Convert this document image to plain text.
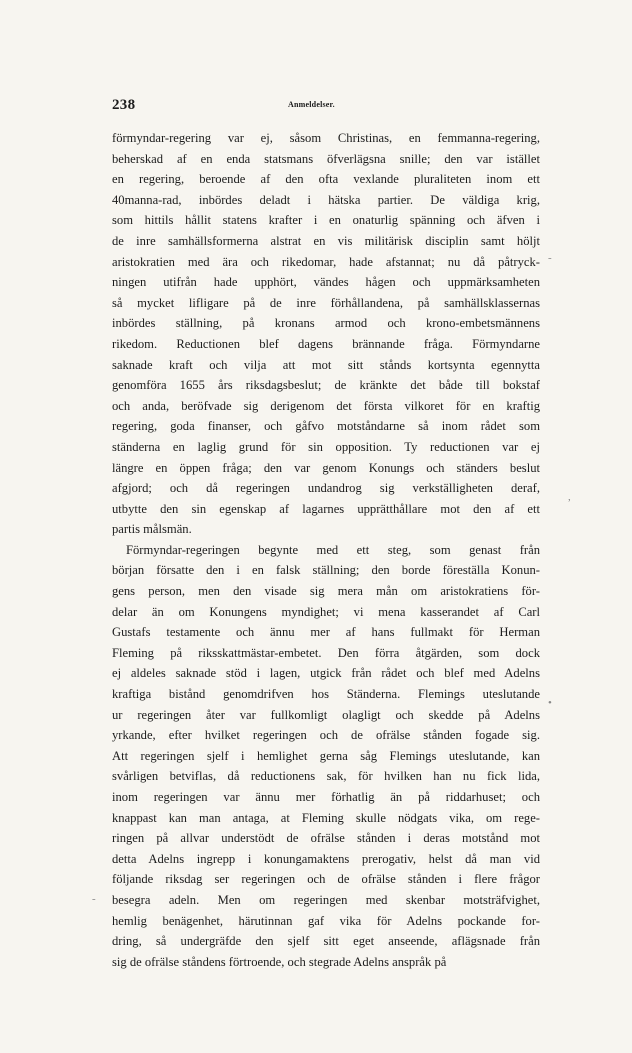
238	Anmeldelser.
förmyndar-regering var ej, såsom Christinas, en femmanna-regering,
beherskad af en enda statsmans öfverlägsna snille; den var istället
en regering, beroende af den ofta vexlande pluraliteten inom ett
40manna-rad, inbördes deladt i hätska partier. De väldiga krig,
som hittils hållit statens krafter i en onaturlig spänning och äfven i
de inre samhällsformerna alstrat en vis militärisk disciplin samt höljt
aristokratien med ära och rikedomar, hade afstannat; nu då påtryck-
ningen utifrån hade upphört, vändes hågen och uppmärksamheten
så mycket lifligare på de inre förhållandena, på samhällsklassernas
inbördes ställning, på kronans armod och krono-embetsmännens
rikedom. Reductionen blef dagens brännande fråga. Förmyndarne
saknade kraft och vilja att mot sitt stånds kortsynta egennytta
genomföra 1655 års riksdagsbeslut; de kränkte det både till bokstaf
och anda, beröfvade sig derigenom det första vilkoret för en kraftig
regering, goda finanser, och gåfvo motståndarne så inom rådet som
ständerna en laglig grund för sin opposition. Ty reductionen var ej
längre en öppen fråga; den var genom Konungs och ständers beslut
afgjord; och då regeringen undandrog sig verkställigheten deraf,
utbytte den sin egenskap af lagarnes upprätthållare mot den af ett
partis målsmän.
Förmyndar-regeringen begynte med ett steg, som genast från
början försatte den i en falsk ställning; den borde föreställa Konun-
gens person, men den visade sig mera mån om aristokratiens för-
delar än om Konungens myndighet; vi mena kasserandet af Carl
Gustafs testamente och ännu mer af hans fullmakt för Herman
Fleming på riksskattmästar-embetet. Den förra åtgärden, som dock
ej aldeles saknade stöd i lagen, utgick från rådet och blef med Adelns
kraftiga bistånd genomdrifven hos Ständerna. Flemings uteslutande
ur regeringen åter var fullkomligt olagligt och skedde på Adelns
yrkande, efter hvilket regeringen och de ofrälse stånden fogade sig.
Att regeringen sjelf i hemlighet gerna såg Flemings uteslutande, kan
svårligen betviflas, då reductionens sak, för hvilken han nu fick lida,
inom regeringen var ännu mer förhatlig än på riddarhuset; och
knappast kan man antaga, at Fleming skulle nödgats vika, om rege-
ringen på allvar understödt de ofrälse stånden i deras motstånd mot
detta Adelns ingrepp i konungamaktens prerogativ, helst då man vid
följande riksdag ser regeringen och de ofrälse stånden i flere frågor
besegra adeln. Men om regeringen med skenbar motsträfvighet,
hemlig benägenhet, härutinnan gaf vika för Adelns pockande for-
dring, så undergräfde den sjelf sitt eget anseende, aflägsnade från
sig de ofrälse ståndens förtroende, och stegrade Adelns anspråk på
-
,
•
-
